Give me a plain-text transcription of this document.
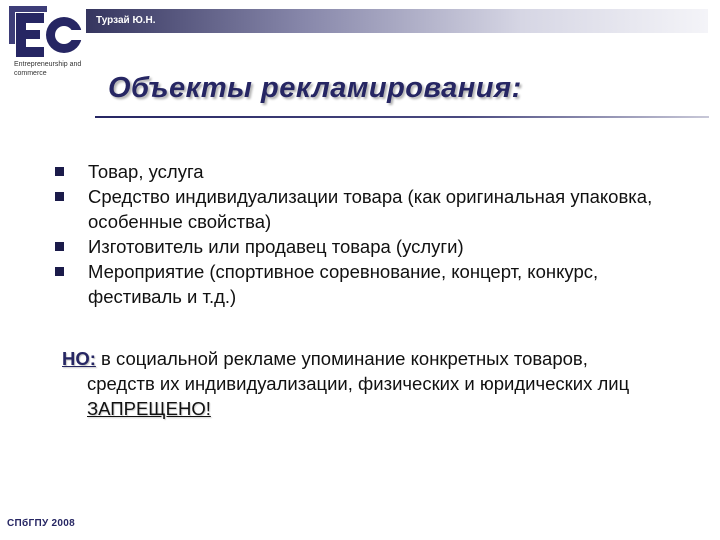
Entrepreneurship and commerce
Турзай Ю.Н.
Объекты рекламирования:
Товар, услуга
Средство индивидуализации товара (как оригинальная упаковка, особенные свойства)
Изготовитель или продавец товара (услуги)
Мероприятие (спортивное соревнование, концерт, конкурс, фестиваль и т.д.)
НО: в социальной рекламе упоминание конкретных товаров,
средств их индивидуализации, физических и юридических лиц
ЗАПРЕЩЕНО!
СПбГПУ 2008
